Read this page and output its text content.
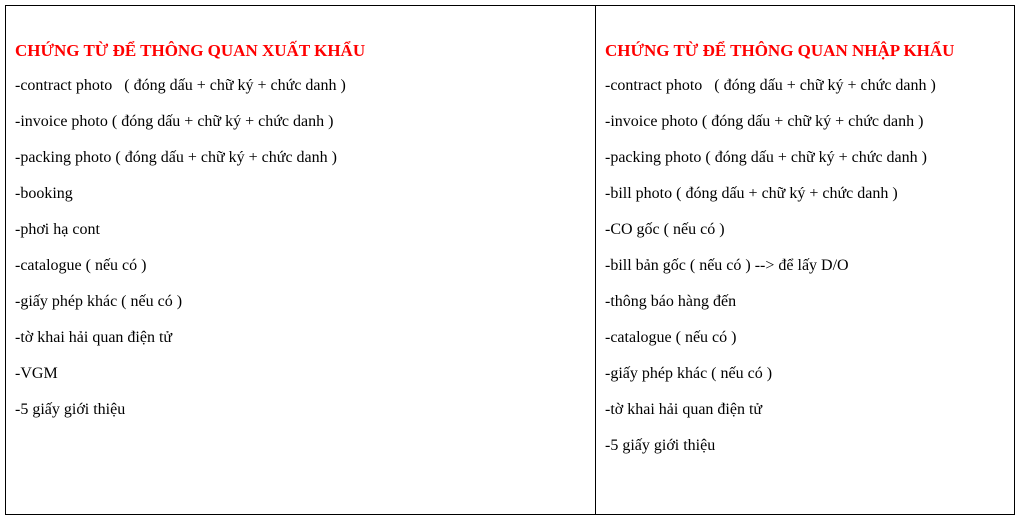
CHỨNG TỪ ĐỂ THÔNG QUAN XUẤT KHẨU
-contract photo   ( đóng dấu + chữ ký + chức danh )
-invoice photo ( đóng dấu + chữ ký + chức danh )
-packing photo ( đóng dấu + chữ ký + chức danh )
-booking
-phơi hạ cont
-catalogue ( nếu có )
-giấy phép khác ( nếu có )
-tờ khai hải quan điện tử
-VGM
-5 giấy giới thiệu
CHỨNG TỪ ĐỂ THÔNG QUAN NHẬP KHẨU
-contract photo   ( đóng dấu + chữ ký + chức danh )
-invoice photo ( đóng dấu + chữ ký + chức danh )
-packing photo ( đóng dấu + chữ ký + chức danh )
-bill photo ( đóng dấu + chữ ký + chức danh )
-CO gốc ( nếu có )
-bill bản gốc ( nếu có ) --> để lấy D/O
-thông báo hàng đến
-catalogue ( nếu có )
-giấy phép khác ( nếu có )
-tờ khai hải quan điện tử
-5 giấy giới thiệu
